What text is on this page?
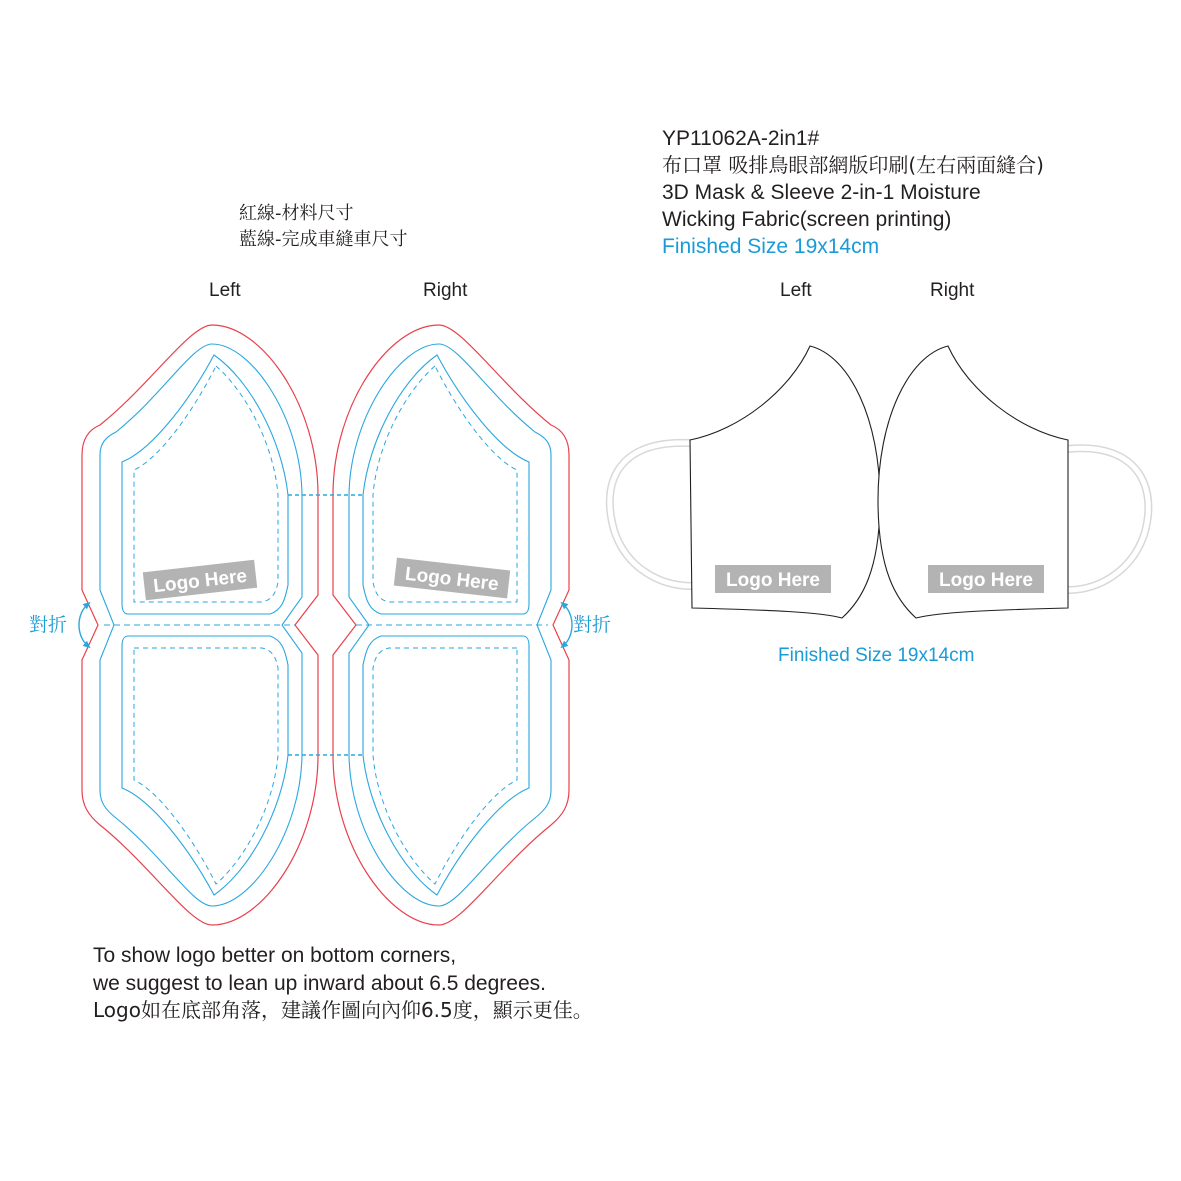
紅線-材料尺寸
藍線-完成車縫車尺寸
YP11062A-2in1#
布口罩 吸排鳥眼部網版印刷(左右兩面縫合)
3D Mask & Sleeve 2-in-1 Moisture
Wicking Fabric(screen printing)
Finished Size 19x14cm
Left	Right	Left	Right
對折	對折
Finished Size 19x14cm
To show logo better on bottom corners,
we suggest to lean up inward about 6.5 degrees.
Logo如在底部角落，建議作圖向內仰6.5度，顯示更佳。
Logo Here	Logo Here	Logo Here	Logo Here
